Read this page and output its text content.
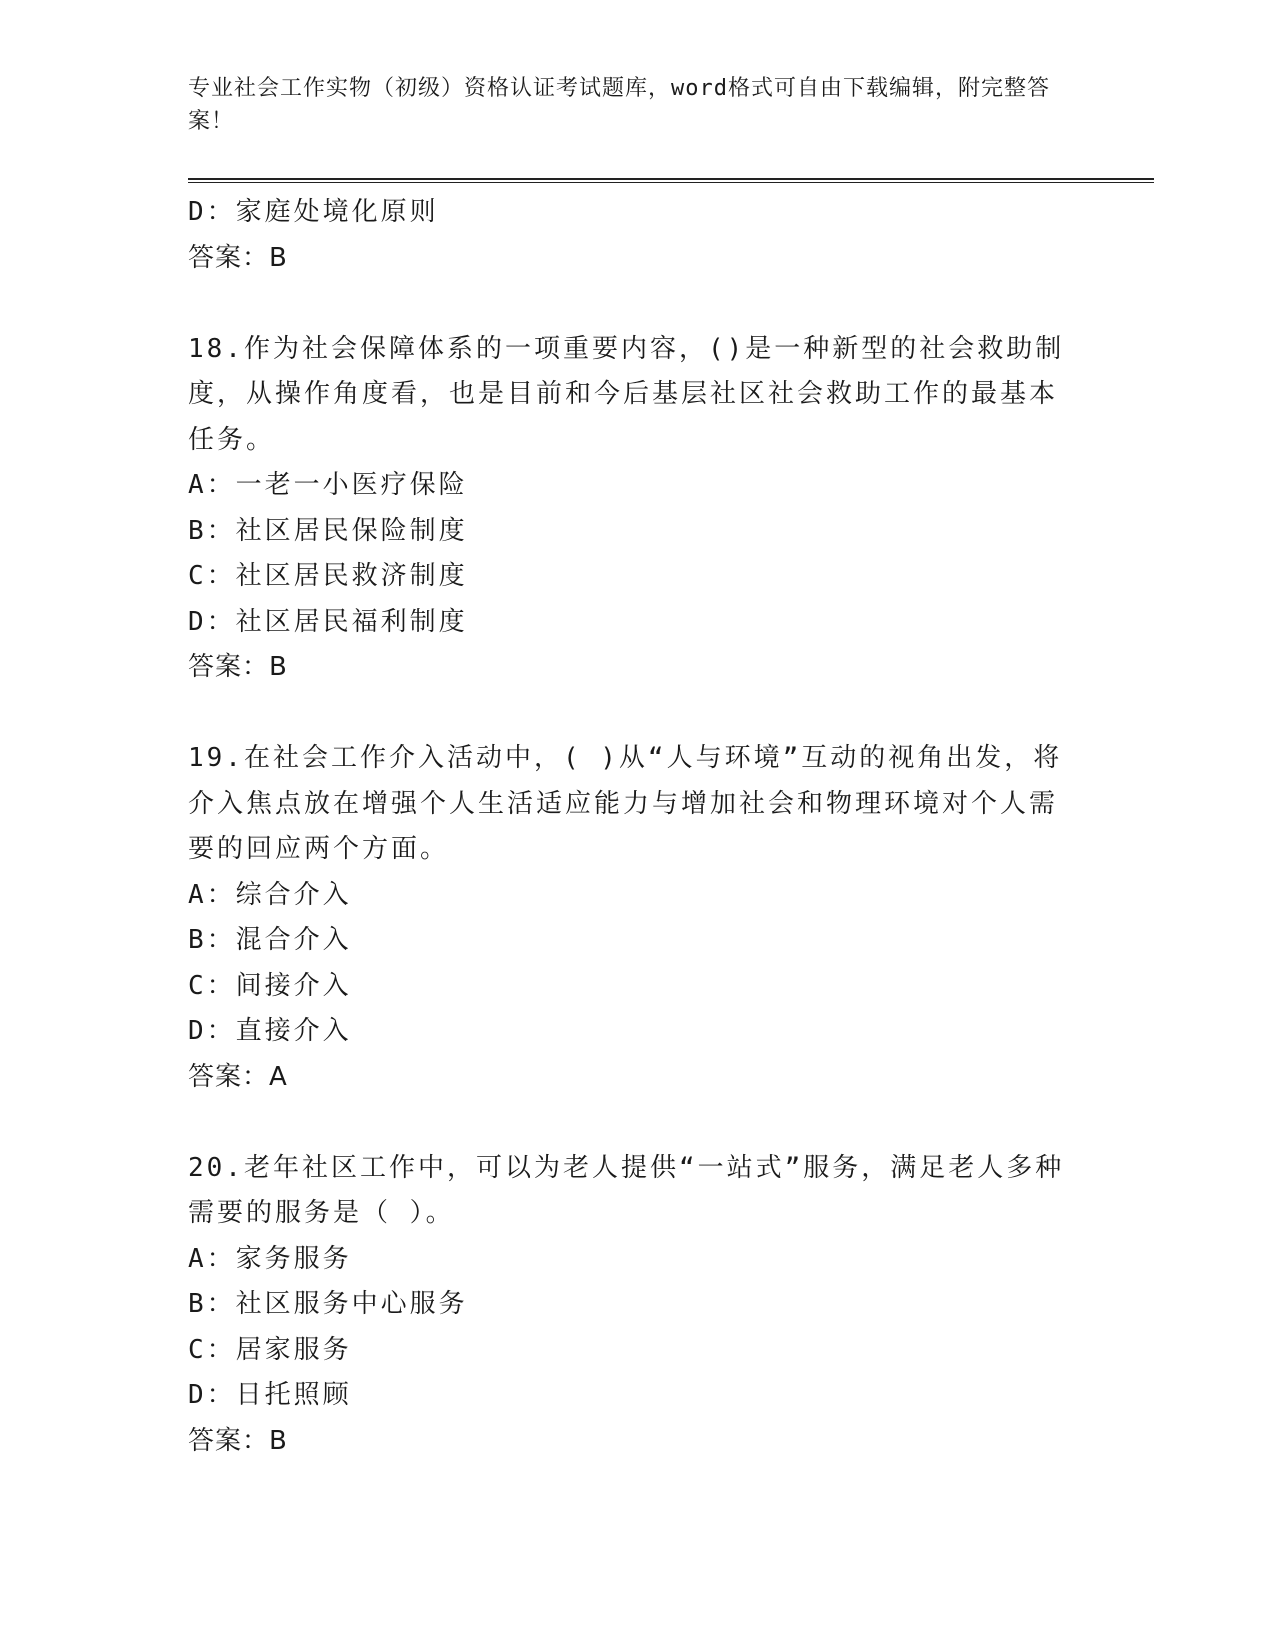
专业社会工作实物（初级）资格认证考试题库，word格式可自由下载编辑，附完整答案！

D：家庭处境化原则
答案：B
18.作为社会保障体系的一项重要内容，()是一种新型的社会救助制度，从操作角度看，也是目前和今后基层社区社会救助工作的最基本任务。
A：一老一小医疗保险
B：社区居民保险制度
C：社区居民救济制度
D：社区居民福利制度
答案：B
19.在社会工作介入活动中，( )从“人与环境”互动的视角出发，将介入焦点放在增强个人生活适应能力与增加社会和物理环境对个人需要的回应两个方面。
A：综合介入
B：混合介入
C：间接介入
D：直接介入
答案：A
20.老年社区工作中，可以为老人提供“一站式”服务，满足老人多种需要的服务是（ ）。
A：家务服务
B：社区服务中心服务
C：居家服务
D：日托照顾
答案：B
